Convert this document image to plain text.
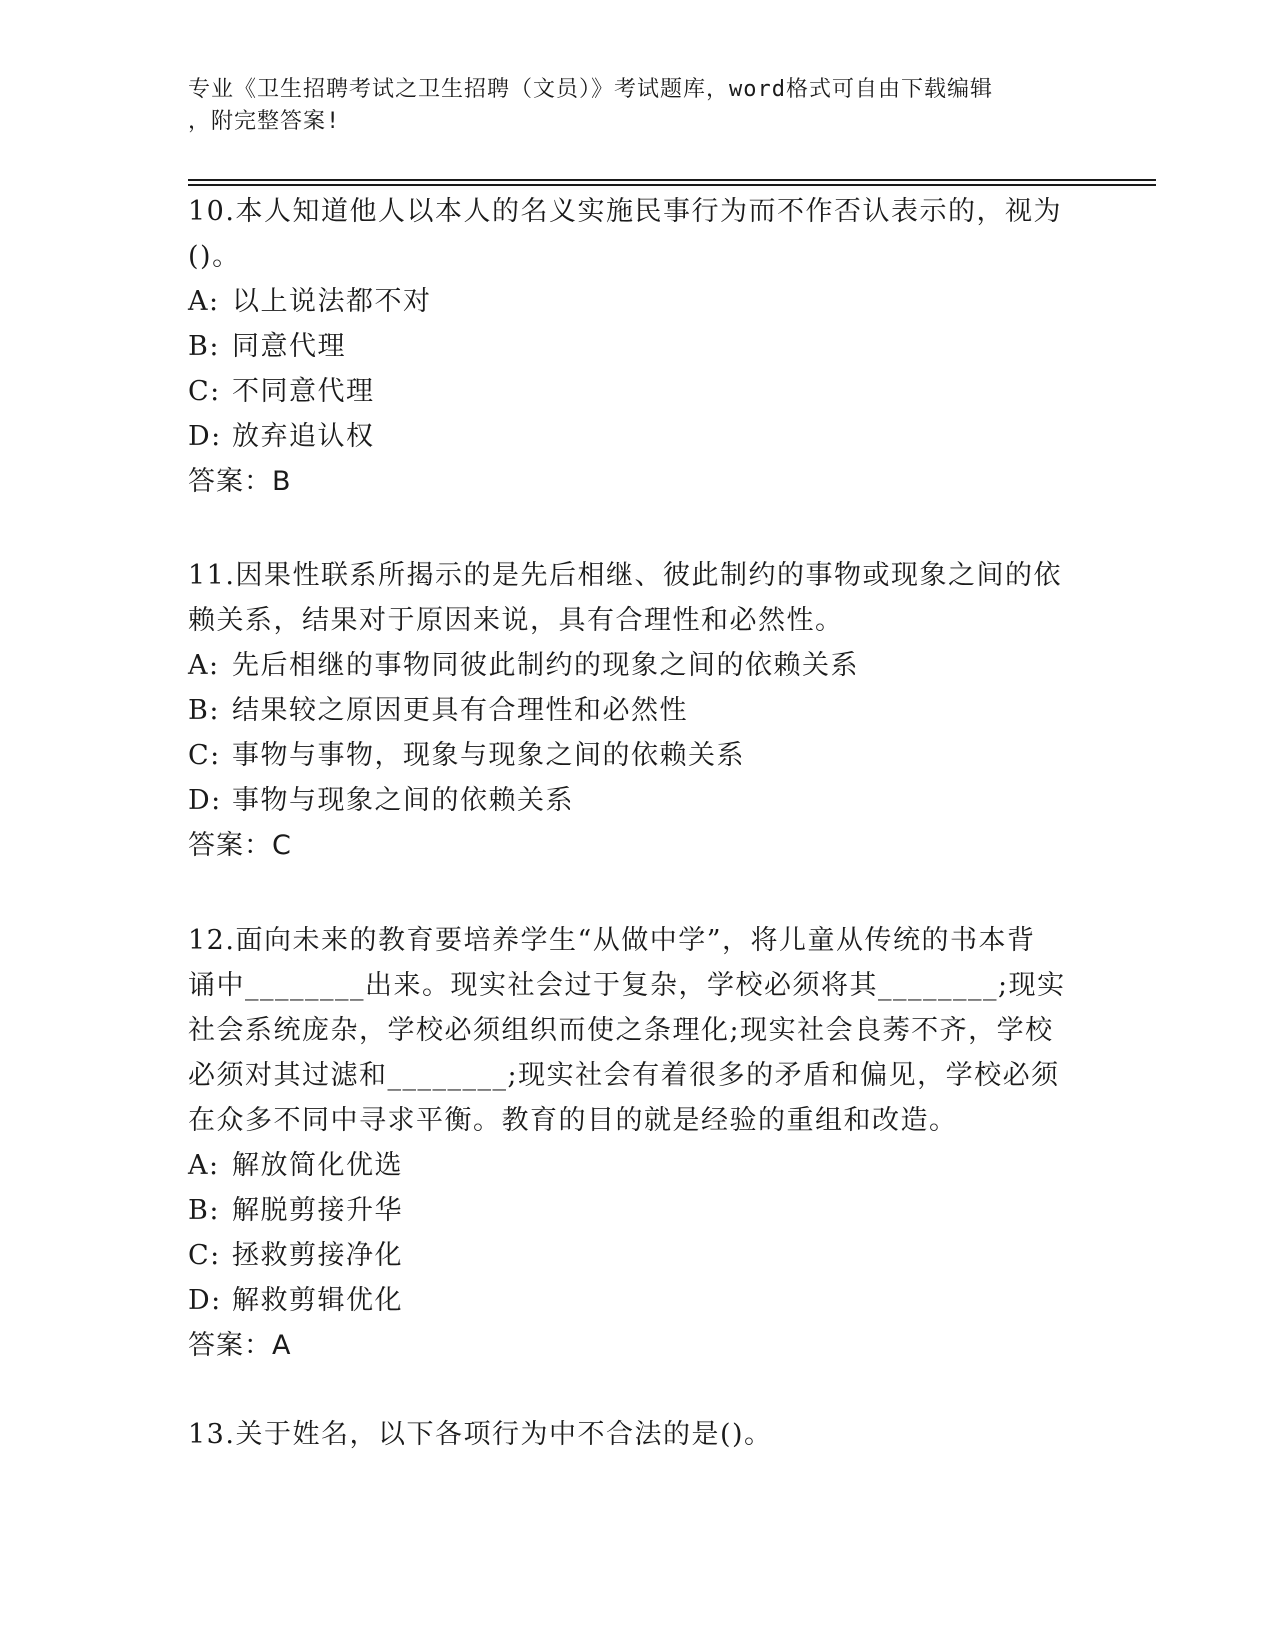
专业《卫生招聘考试之卫生招聘（文员）》考试题库，word格式可自由下载编辑
，附完整答案!
10.本人知道他人以本人的名义实施民事行为而不作否认表示的，视为
()。
A: 以上说法都不对
B: 同意代理
C: 不同意代理
D: 放弃追认权
答案：B
11.因果性联系所揭示的是先后相继、彼此制约的事物或现象之间的依
赖关系，结果对于原因来说，具有合理性和必然性。
A: 先后相继的事物同彼此制约的现象之间的依赖关系
B: 结果较之原因更具有合理性和必然性
C: 事物与事物，现象与现象之间的依赖关系
D: 事物与现象之间的依赖关系
答案：C
12.面向未来的教育要培养学生“从做中学”，将儿童从传统的书本背
诵中________出来。现实社会过于复杂，学校必须将其________;现实
社会系统庞杂，学校必须组织而使之条理化;现实社会良莠不齐，学校
必须对其过滤和________;现实社会有着很多的矛盾和偏见，学校必须
在众多不同中寻求平衡。教育的目的就是经验的重组和改造。
A: 解放简化优选
B: 解脱剪接升华
C: 拯救剪接净化
D: 解救剪辑优化
答案：A
13.关于姓名，以下各项行为中不合法的是()。
